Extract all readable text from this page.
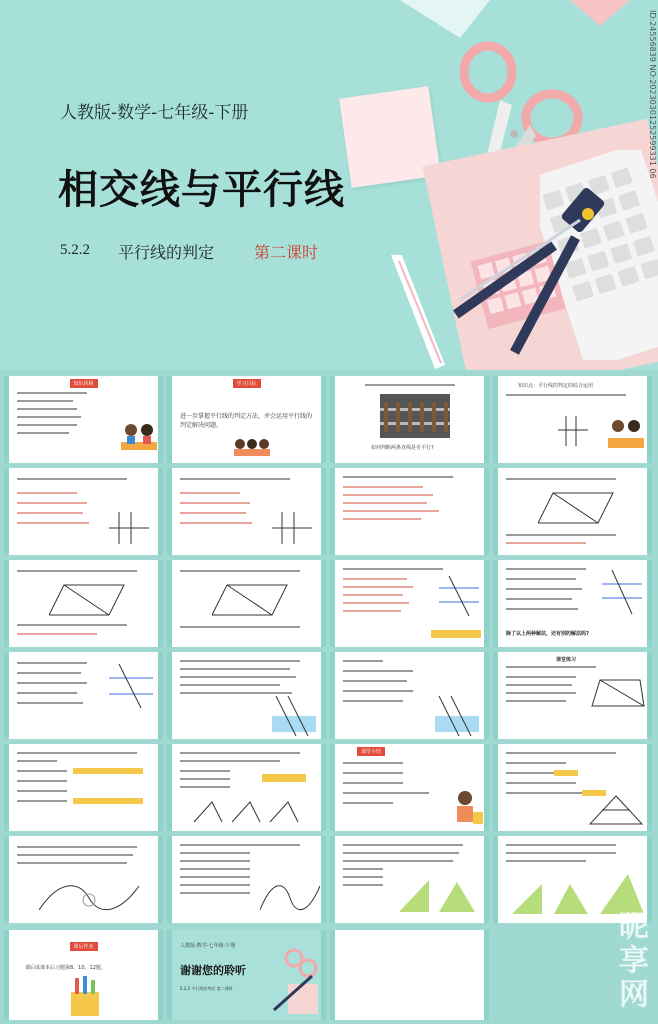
人教版-数学-七年级-下册
相交线与平行线
5.2.2 平行线的判定 第二课时
ID:24556839 NO:20230301252599331 06
知识回顾	学习目标
进一步掌握平行线的判定方法，并会运用平行线的判定解决问题。
如何判断两条直线是否平行?
知识点：平行线的判定的综合运用
除了以上两种解法，还有别的解法吗?
课堂练习
课堂小结
课后作业
课后成课本后习题第8、10、12题。
人教版-数学-七年级-下册
谢谢您的聆听
5.2.2 平行线的判定 第二课时	昵享网
